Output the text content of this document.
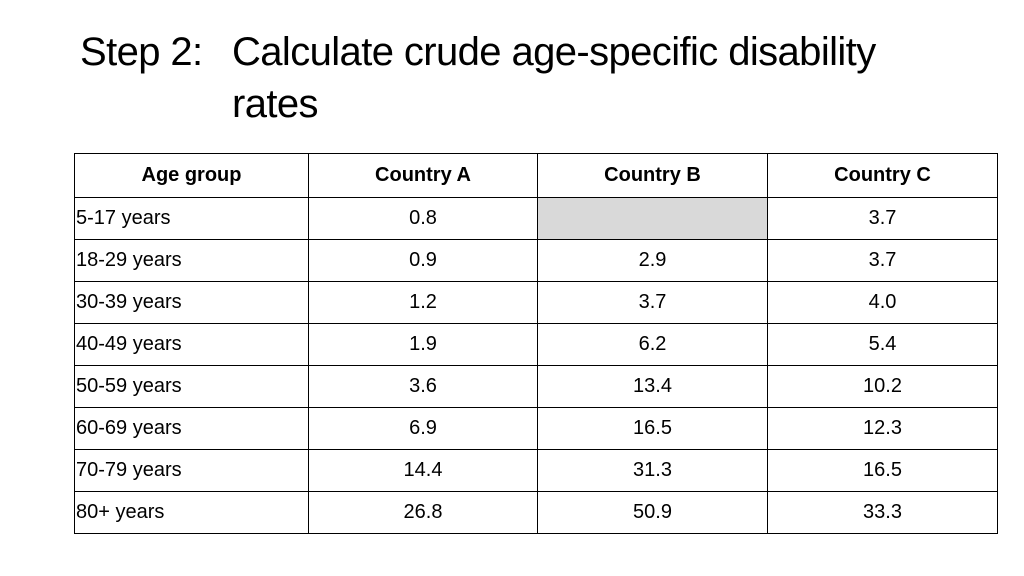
Step 2: Calculate crude age-specific disability rates
Age group	Country A	Country B	Country C
5-17 years	0.8		3.7
18-29 years	0.9	2.9	3.7
30-39 years	1.2	3.7	4.0
40-49 years	1.9	6.2	5.4
50-59 years	3.6	13.4	10.2
60-69 years	6.9	16.5	12.3
70-79 years	14.4	31.3	16.5
80+ years	26.8	50.9	33.3
